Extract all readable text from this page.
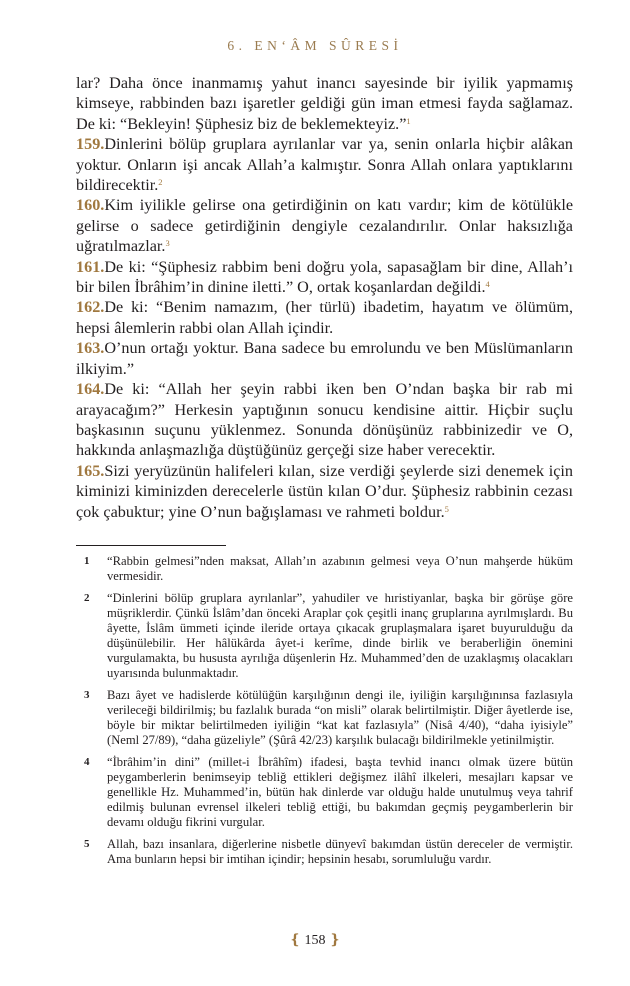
6. EN‘ÂM SÛRESİ

lar? Daha önce inanmamış yahut inancı sayesinde bir iyilik yapmamış kimseye, rabbinden bazı işaretler geldiği gün iman etmesi fayda sağlamaz. De ki: “Bekleyin! Şüphesiz biz de beklemekteyiz.”$^1$

159.Dinlerini bölüp gruplara ayrılanlar var ya, senin onlarla hiçbir alâkan yoktur. Onların işi ancak Allah’a kalmıştır. Sonra Allah onlara yaptıklarını bildirecektir.$^2$

160.Kim iyilikle gelirse ona getirdiğinin on katı vardır; kim de kötülükle gelirse o sadece getirdiğinin dengiyle cezalandırılır. Onlar haksızlığa uğratılmazlar.$^3$

161.De ki: “Şüphesiz rabbim beni doğru yola, sapasağlam bir dine, Allah’ı bir bilen İbrâhim’in dinine iletti.” O, ortak koşanlardan değildi.$^4$

162.De ki: “Benim namazım, (her türlü) ibadetim, hayatım ve ölümüm, hepsi âlemlerin rabbi olan Allah içindir.

163.O’nun ortağı yoktur. Bana sadece bu emrolundu ve ben Müslümanların ilkiyim.”

164.De ki: “Allah her şeyin rabbi iken ben O’ndan başka bir rab mi arayacağım?” Herkesin yaptığının sonucu kendisine aittir. Hiçbir suçlu başkasının suçunu yüklenmez. Sonunda dönüşünüz rabbinizedir ve O, hakkında anlaşmazlığa düştüğünüz gerçeği size haber verecektir.

165.Sizi yeryüzünün halifeleri kılan, size verdiği şeylerde sizi denemek için kiminizi kiminizden derecelerle üstün kılan O’dur. Şüphesiz rabbinin cezası çok çabuktur; yine O’nun bağışlaması ve rahmeti boldur.$^5$

1 “Rabbin gelmesi”nden maksat, Allah’ın azabının gelmesi veya O’nun mahşerde hüküm vermesidir.
2 “Dinlerini bölüp gruplara ayrılanlar”, yahudiler ve hıristiyanlar, başka bir görüşe göre müşriklerdir. Çünkü İslâm’dan önceki Araplar çok çeşitli inanç gruplarına ayrılmışlardı. Bu âyette, İslâm ümmeti içinde ileride ortaya çıkacak gruplaşmalara işaret buyurulduğu da düşünülebilir. Her hâlükârda âyet-i kerîme, dinde birlik ve beraberliğin önemini vurgulamakta, bu hususta ayrılığa düşenlerin Hz. Muhammed’den de uzaklaşmış olacakları uyarısında bulunmaktadır.
3 Bazı âyet ve hadislerde kötülüğün karşılığının dengi ile, iyiliğin karşılığınınsa fazlasıyla verileceği bildirilmiş; bu fazlalık burada “on misli” olarak belirtilmiştir. Diğer âyetlerde ise, böyle bir miktar belirtilmeden iyiliğin “kat kat fazlasıyla” (Nisâ 4/40), “daha iyisiyle” (Neml 27/89), “daha güzeliyle” (Şûrâ 42/23) karşılık bulacağı bildirilmekle yetinilmiştir.
4 “İbrâhim’in dini” (millet-i İbrâhîm) ifadesi, başta tevhid inancı olmak üzere bütün peygamberlerin benimseyip tebliğ ettikleri değişmez ilâhî ilkeleri, mesajları kapsar ve genellikle Hz. Muhammed’in, bütün hak dinlerde var olduğu halde unutulmuş veya tahrif edilmiş bulunan evrensel ilkeleri tebliğ ettiği, bu bakımdan geçmiş peygamberlerin bir devamı olduğu fikrini vurgular.
5 Allah, bazı insanlara, diğerlerine nisbetle dünyevî bakımdan üstün dereceler de vermiştir. Ama bunların hepsi bir imtihan içindir; hepsinin hesabı, sorumluluğu vardır.
❴ 158 ❵
